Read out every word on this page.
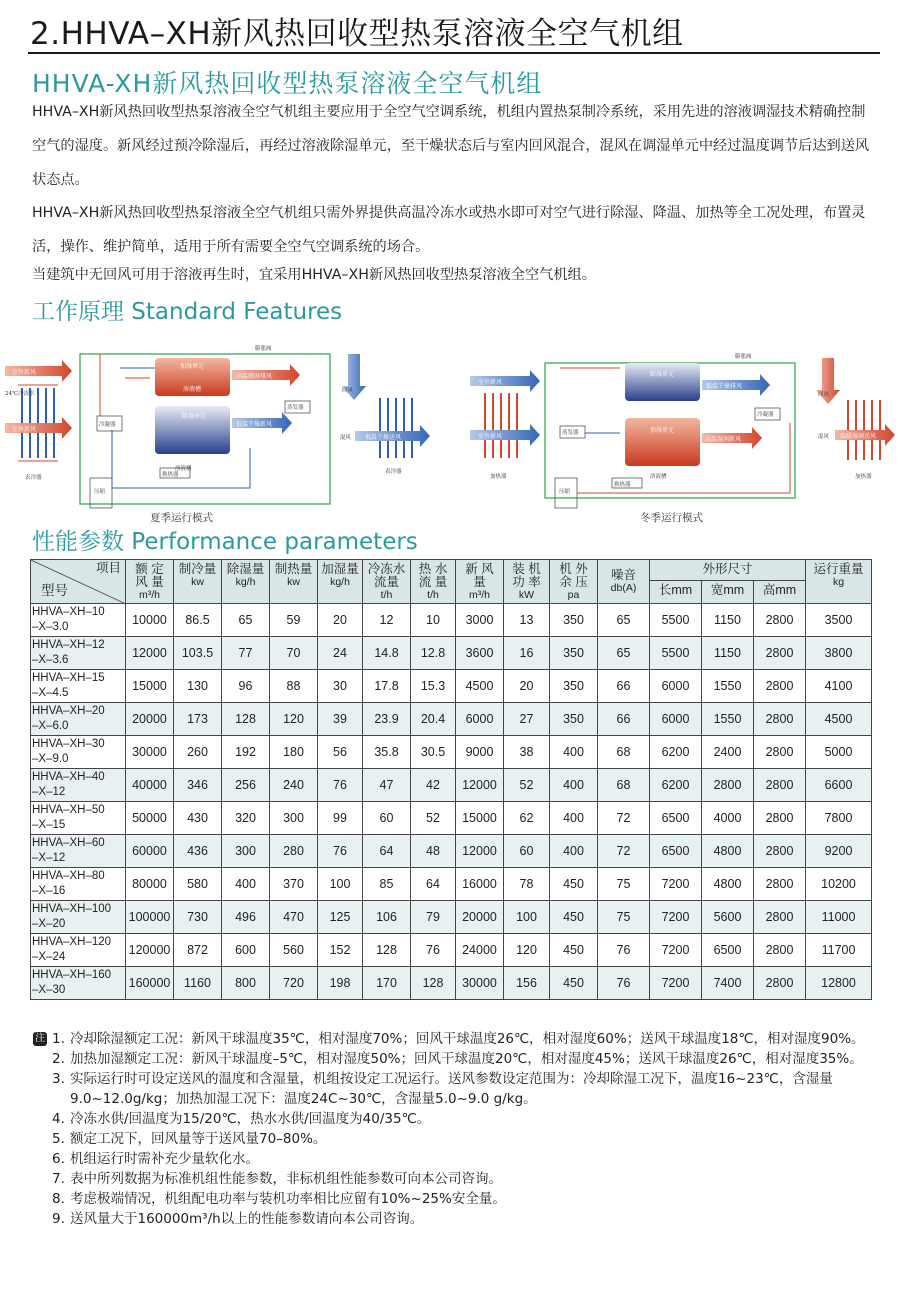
2.HHVA–XH新风热回收型热泵溶液全空气机组
HHVA-XH新风热回收型热泵溶液全空气机组
HHVA–XH新风热回收型热泵溶液全空气机组主要应用于全空气空调系统，机组内置热泵制冷系统，采用先进的溶液调湿技术精确控制空气的湿度。新风经过预冷除湿后，再经过溶液除湿单元，至干燥状态后与室内回风混合，混风在调湿单元中经过温度调节后达到送风状态点。
HHVA–XH新风热回收型热泵溶液全空气机组只需外界提供高温冷冻水或热水即可对空气进行除湿、降温、加热等全工况处理，布置灵活，操作、维护简单，适用于所有需要全空气空调系统的场合。
当建筑中无回风可用于溶液再生时，宜采用HHVA–XH新风热回收型热泵溶液全空气机组。
工作原理 Standard Features
室外新风
室外新风
表冷器
24℃冷冻水
加湿单元
溶液槽
高温潮湿排风
除湿单元
低温干燥新风
溶液槽
冷凝器
蒸发器
压缩
换热器
膨胀阀
回风
低温干燥送风
混风
表冷器
夏季运行模式
室外新风
室外新风
加热器
除湿单元
低温干燥排风
加湿单元
高温湿润新风
溶液槽
蒸发器
冷凝器
压缩
换热器
膨胀阀
回风
温暖湿润送风
混风
加热器
冬季运行模式
性能参数 Performance parameters
项目
型号	额 定
风 量
m³/h	制冷量
kw	除湿量
kg/h	制热量
kw	加湿量
kg/h	冷冻水
流量
t/h	热 水
流 量
t/h	新 风
量
m³/h	装 机
功 率
kW	机 外
余 压
pa	噪音
db(A)	外形尺寸			运行重量
kg

												长mm	宽mm	高mm	
HHVA–XH–10
–X–3.0	10000	86.5	65	59	20	12	10	3000	13	350	65	5500	1150	2800	3500
HHVA–XH–12
–X–3.6	12000	103.5	77	70	24	14.8	12.8	3600	16	350	65	5500	1150	2800	3800
HHVA–XH–15
–X–4.5	15000	130	96	88	30	17.8	15.3	4500	20	350	66	6000	1550	2800	4100
HHVA–XH–20
–X–6.0	20000	173	128	120	39	23.9	20.4	6000	27	350	66	6000	1550	2800	4500
HHVA–XH–30
–X–9.0	30000	260	192	180	56	35.8	30.5	9000	38	400	68	6200	2400	2800	5000
HHVA–XH–40
–X–12	40000	346	256	240	76	47	42	12000	52	400	68	6200	2800	2800	6600
HHVA–XH–50
–X–15	50000	430	320	300	99	60	52	15000	62	400	72	6500	4000	2800	7800
HHVA–XH–60
–X–12	60000	436	300	280	76	64	48	12000	60	400	72	6500	4800	2800	9200
HHVA–XH–80
–X–16	80000	580	400	370	100	85	64	16000	78	450	75	7200	4800	2800	10200
HHVA–XH–100
–X–20	100000	730	496	470	125	106	79	20000	100	450	75	7200	5600	2800	11000
HHVA–XH–120
–X–24	120000	872	600	560	152	128	76	24000	120	450	76	7200	6500	2800	11700
HHVA–XH–160
–X–30	160000	1160	800	720	198	170	128	30000	156	450	76	7200	7400	2800	12800
注 1. 冷却除湿额定工况：新风干球温度35℃，相对湿度70%；回风干球温度26℃，相对湿度60%；送风干球温度18℃，相对湿度90%。
2. 加热加湿额定工况：新风干球温度–5℃，相对湿度50%；回风干球温度20℃，相对湿度45%；送风干球温度26℃，相对湿度35%。
3. 实际运行时可设定送风的温度和含湿量，机组按设定工况运行。送风参数设定范围为：冷却除湿工况下，温度16~23℃，含湿量9.0~12.0g/kg；加热加湿工况下：温度24C~30℃，含湿量5.0~9.0 g/kg。
4. 冷冻水供/回温度为15/20℃，热水水供/回温度为40/35℃。
5. 额定工况下，回风量等于送风量70–80%。
6. 机组运行时需补充少量软化水。
7. 表中所列数据为标准机组性能参数，非标机组性能参数可向本公司咨询。
8. 考虑极端情况，机组配电功率与装机功率相比应留有10%~25%安全量。
9. 送风量大于160000m³/h以上的性能参数请向本公司咨询。
